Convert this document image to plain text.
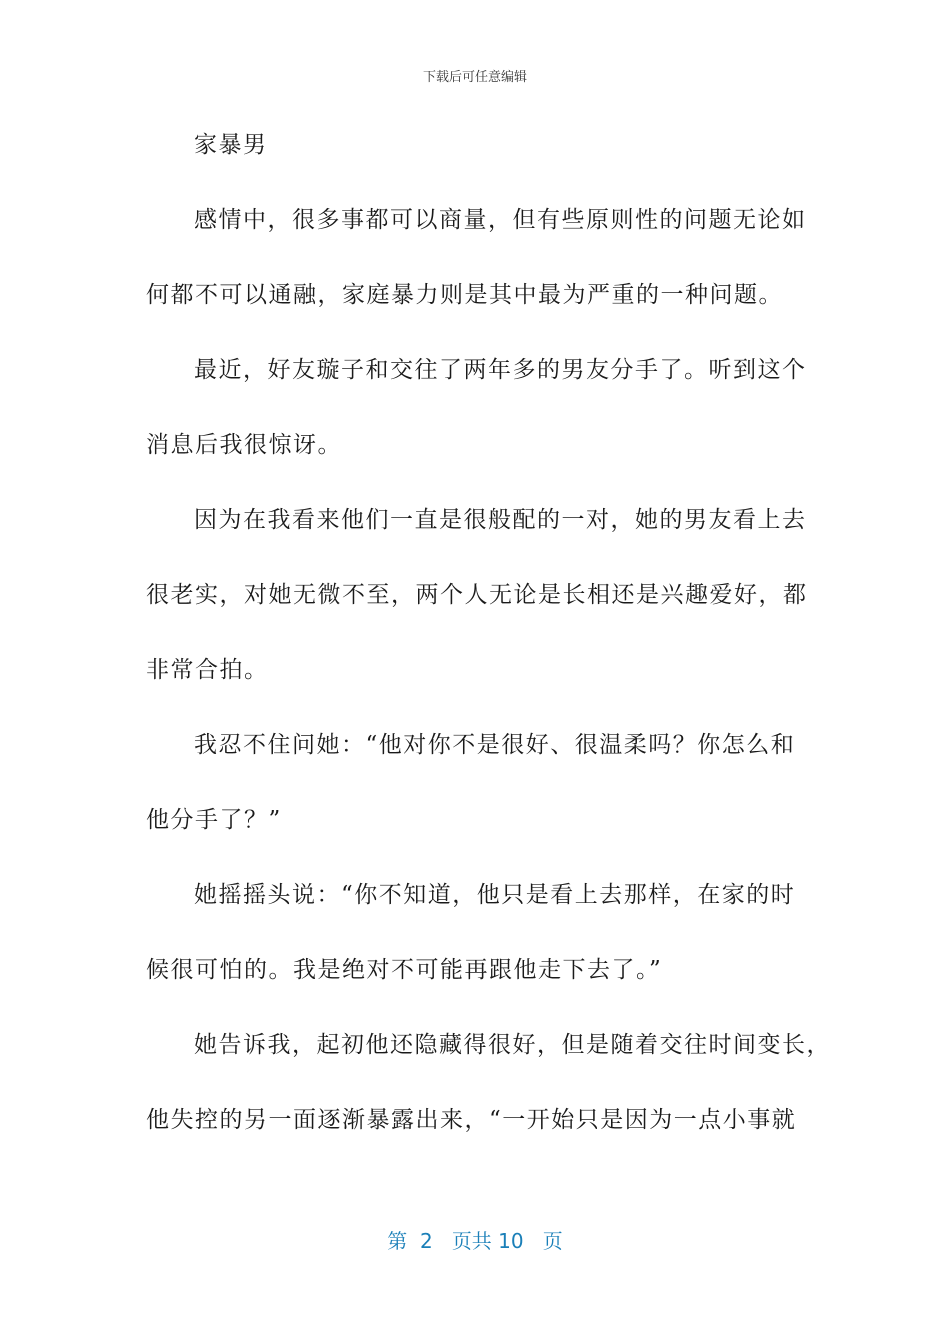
下载后可任意编辑
家暴男
感情中，很多事都可以商量，但有些原则性的问题无论如
何都不可以通融，家庭暴力则是其中最为严重的一种问题。
最近，好友璇子和交往了两年多的男友分手了。听到这个
消息后我很惊讶。
因为在我看来他们一直是很般配的一对，她的男友看上去
很老实，对她无微不至，两个人无论是长相还是兴趣爱好，都
非常合拍。
我忍不住问她：“他对你不是很好、很温柔吗？你怎么和
他分手了？”
她摇摇头说：“你不知道，他只是看上去那样，在家的时
候很可怕的。我是绝对不可能再跟他走下去了。”
她告诉我，起初他还隐藏得很好，但是随着交往时间变长，
他失控的另一面逐渐暴露出来，“一开始只是因为一点小事就
第 2 页共 10 页
